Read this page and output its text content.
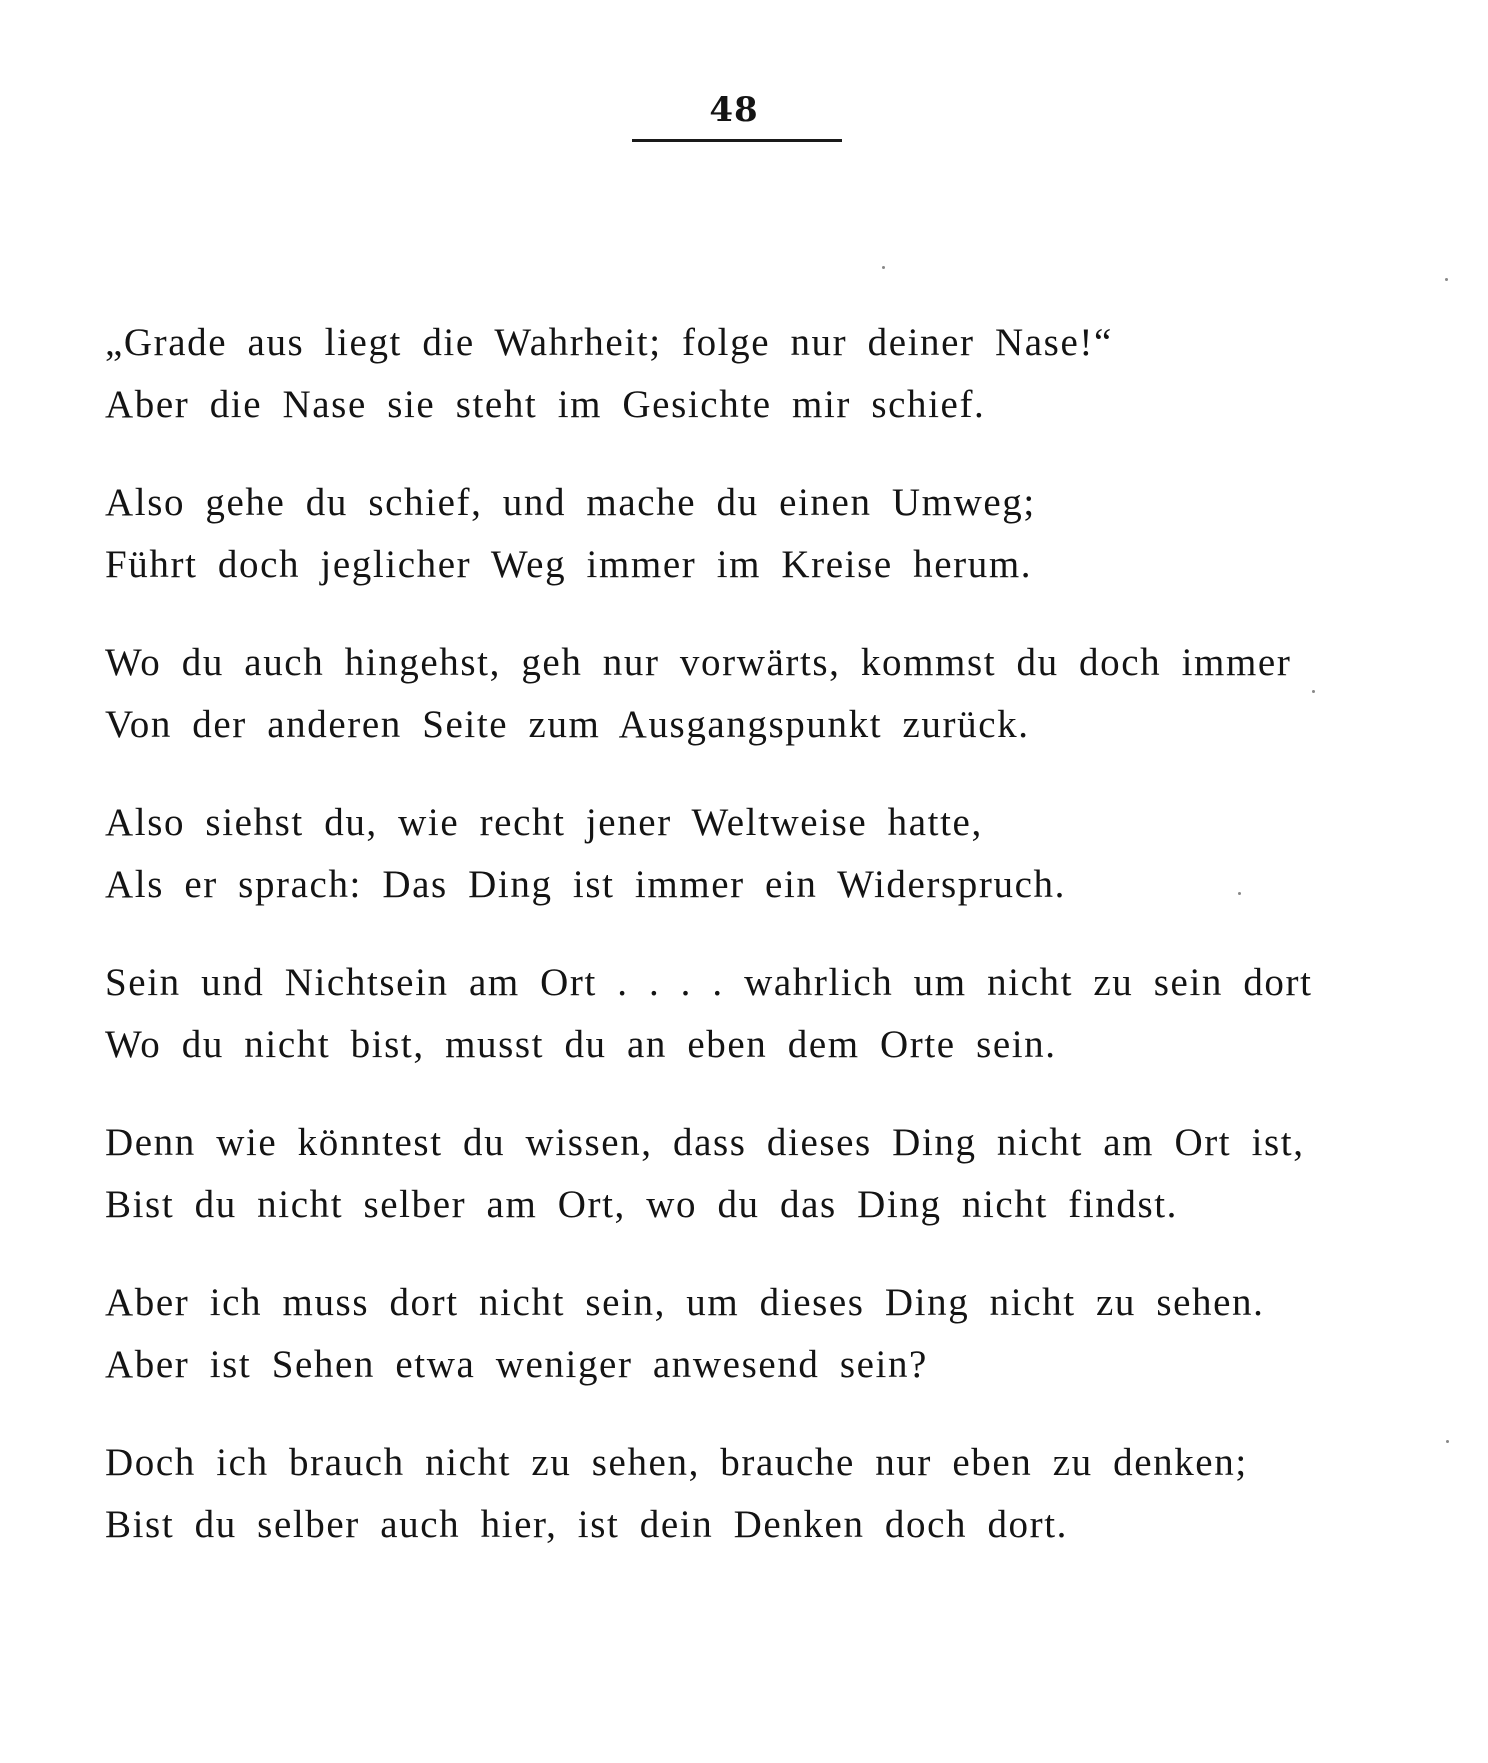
48
„Grade aus liegt die Wahrheit; folge nur deiner Nase!“
Aber die Nase sie steht im Gesichte mir schief.
Also gehe du schief, und mache du einen Umweg;
Führt doch jeglicher Weg immer im Kreise herum.
Wo du auch hingehst, geh nur vorwärts, kommst du doch immer
Von der anderen Seite zum Ausgangspunkt zurück.
Also siehst du, wie recht jener Weltweise hatte,
Als er sprach: Das Ding ist immer ein Widerspruch.
Sein und Nichtsein am Ort . . . . wahrlich um nicht zu sein dort
Wo du nicht bist, musst du an eben dem Orte sein.
Denn wie könntest du wissen, dass dieses Ding nicht am Ort ist,
Bist du nicht selber am Ort, wo du das Ding nicht findst.
Aber ich muss dort nicht sein, um dieses Ding nicht zu sehen.
Aber ist Sehen etwa weniger anwesend sein?
Doch ich brauch nicht zu sehen, brauche nur eben zu denken;
Bist du selber auch hier, ist dein Denken doch dort.
